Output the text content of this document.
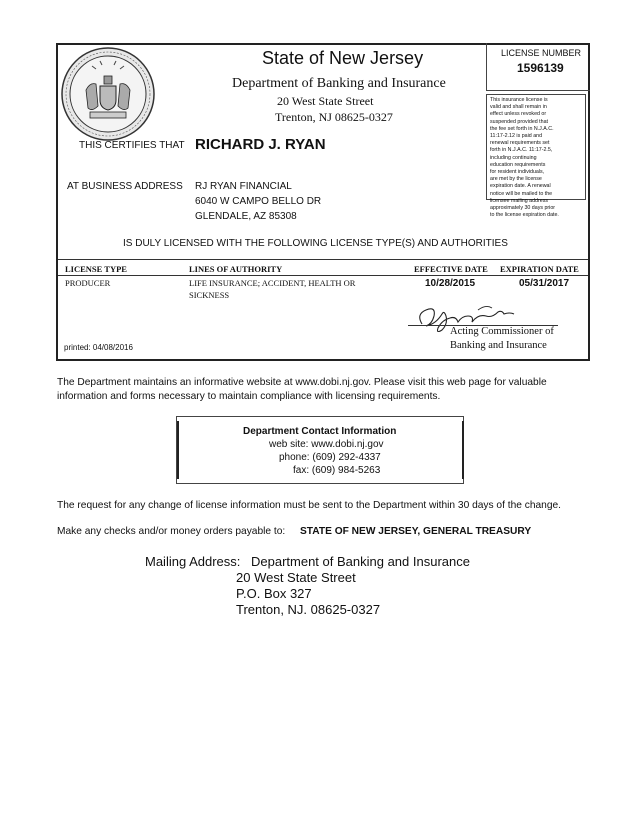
State of New Jersey	LICENSE NUMBER
1596139
Department of Banking and Insurance
20 West State Street
Trenton, NJ 08625-0327
This insurance license is
valid and shall remain in
effect unless revoked or
suspended provided that
the fee set forth in N.J.A.C.
11:17-2.12 is paid and
renewal requirements set
forth in N.J.A.C. 11:17-2.5,
including continuing
education requirements
for resident individuals,
are met by the license
expiration date. A renewal
notice will be mailed to the
licensee mailing address
approximately 30 days prior
to the license expiration date.
THIS CERTIFIES THAT RICHARD J. RYAN
AT BUSINESS ADDRESS RJ RYAN FINANCIAL
6040 W CAMPO BELLO DR
GLENDALE, AZ 85308
IS DULY LICENSED WITH THE FOLLOWING LICENSE TYPE(S) AND AUTHORITIES
LICENSE TYPE	LINES OF AUTHORITY	EFFECTIVE DATE EXPIRATION DATE
PRODUCER	LIFE INSURANCE; ACCIDENT, HEALTH OR
SICKNESS
10/28/2015	05/31/2017
Acting Commissioner of
Banking and Insurance
printed: 04/08/2016
The Department maintains an informative website at www.dobi.nj.gov. Please visit this web page for valuable
information and forms necessary to maintain compliance with licensing requirements.
Department Contact Information
web site: www.dobi.nj.gov
phone: (609) 292-4337
fax: (609) 984-5263
The request for any change of license information must be sent to the Department within 30 days of the change.
Make any checks and/or money orders payable to: STATE OF NEW JERSEY, GENERAL TREASURY
Mailing Address: Department of Banking and Insurance
20 West State Street
P.O. Box 327
Trenton, NJ. 08625-0327
